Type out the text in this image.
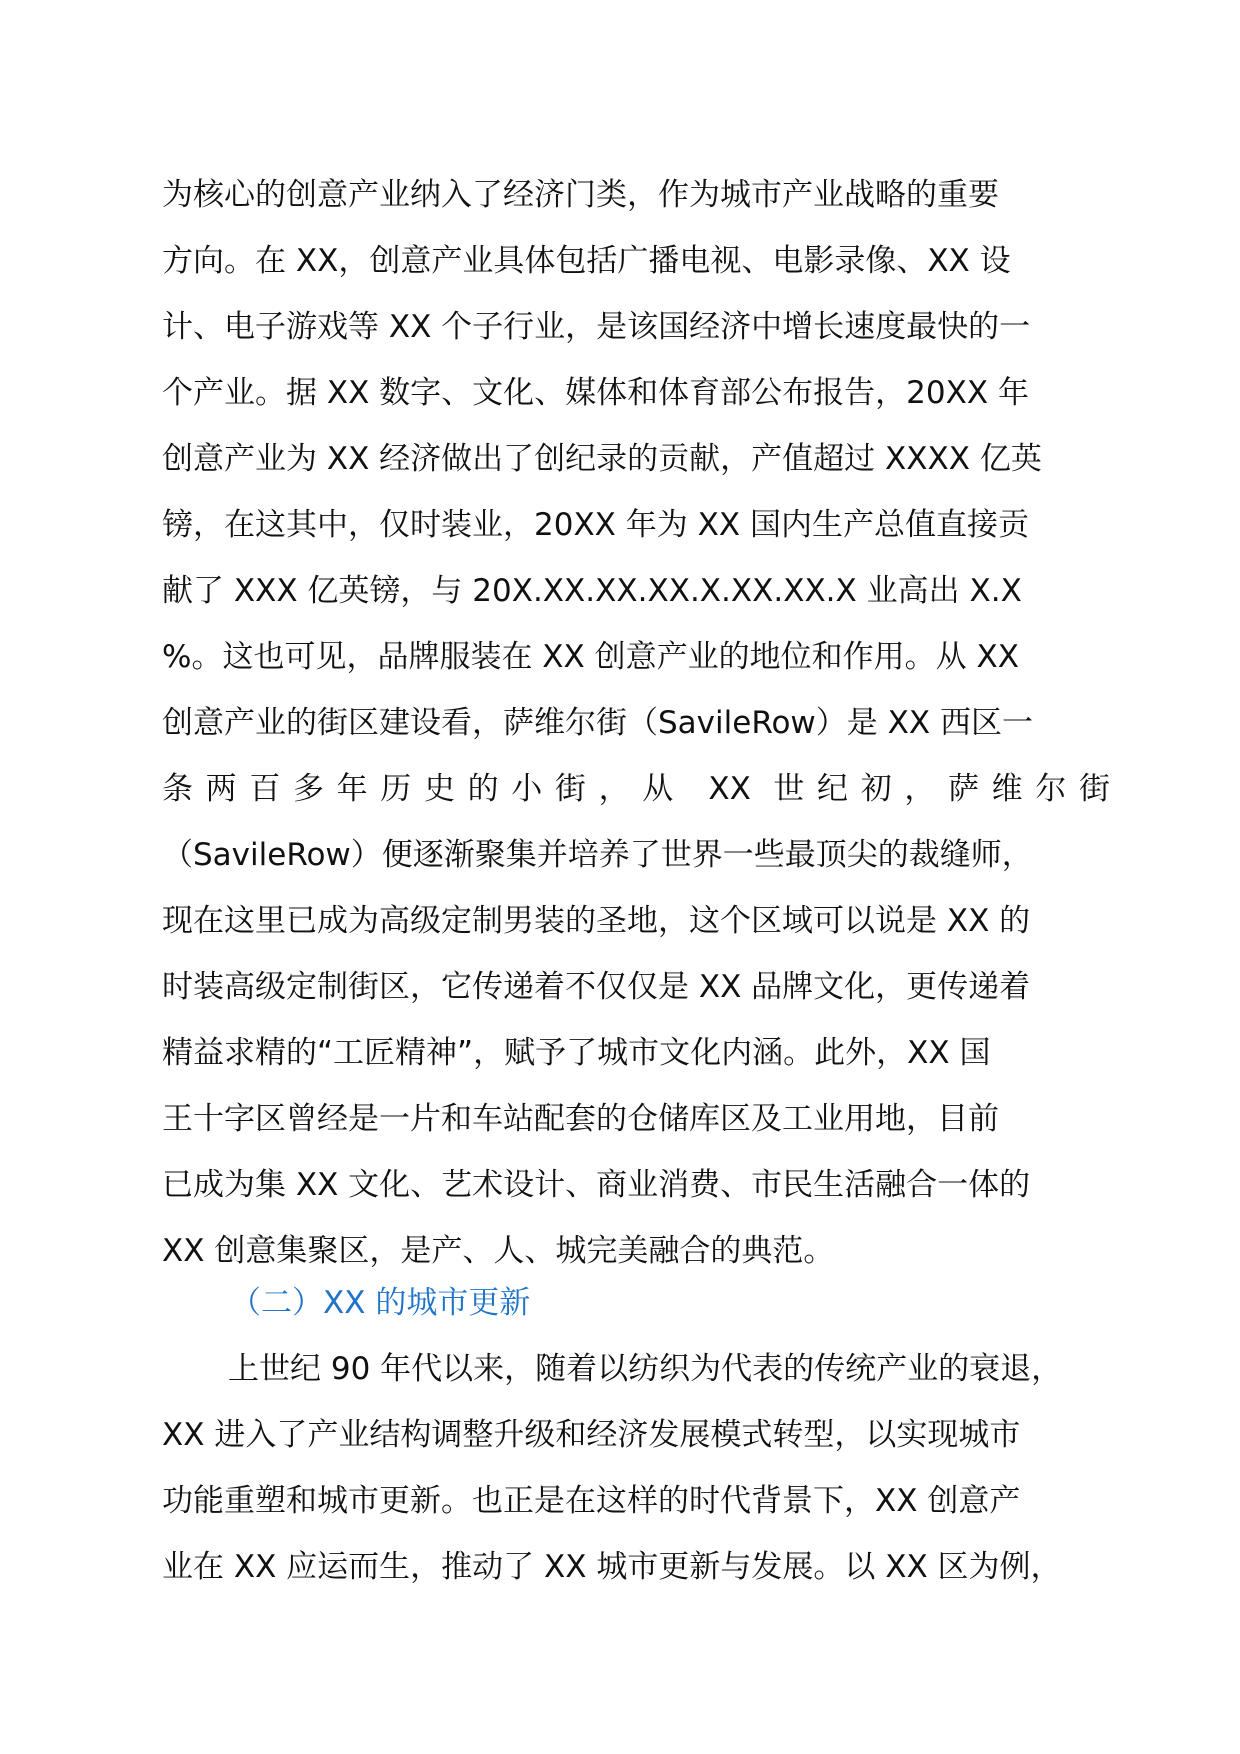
为核心的创意产业纳入了经济门类，作为城市产业战略的重要
方向。在 XX，创意产业具体包括广播电视、电影录像、XX 设
计、电子游戏等 XX 个子行业，是该国经济中增长速度最快的一
个产业。据 XX 数字、文化、媒体和体育部公布报告，20XX 年
创意产业为 XX 经济做出了创纪录的贡献，产值超过 XXXX 亿英
镑，在这其中，仅时装业，20XX 年为 XX 国内生产总值直接贡
献了 XXX 亿英镑，与 20X.XX.XX.XX.X.XX.XX.X 业高出 X.X
%。这也可见，品牌服装在 XX 创意产业的地位和作用。从 XX
创意产业的街区建设看，萨维尔街（SavileRow）是 XX 西区一
条两百多年历史的小街，从 XX 世纪初，萨维尔街
（SavileRow）便逐渐聚集并培养了世界一些最顶尖的裁缝师，
现在这里已成为高级定制男装的圣地，这个区域可以说是 XX 的
时装高级定制街区，它传递着不仅仅是 XX 品牌文化，更传递着
精益求精的“工匠精神”，赋予了城市文化内涵。此外，XX 国
王十字区曾经是一片和车站配套的仓储库区及工业用地，目前
已成为集 XX 文化、艺术设计、商业消费、市民生活融合一体的
XX 创意集聚区，是产、人、城完美融合的典范。
（二）XX 的城市更新
上世纪 90 年代以来，随着以纺织为代表的传统产业的衰退，
XX 进入了产业结构调整升级和经济发展模式转型，以实现城市
功能重塑和城市更新。也正是在这样的时代背景下，XX 创意产
业在 XX 应运而生，推动了 XX 城市更新与发展。以 XX 区为例，
